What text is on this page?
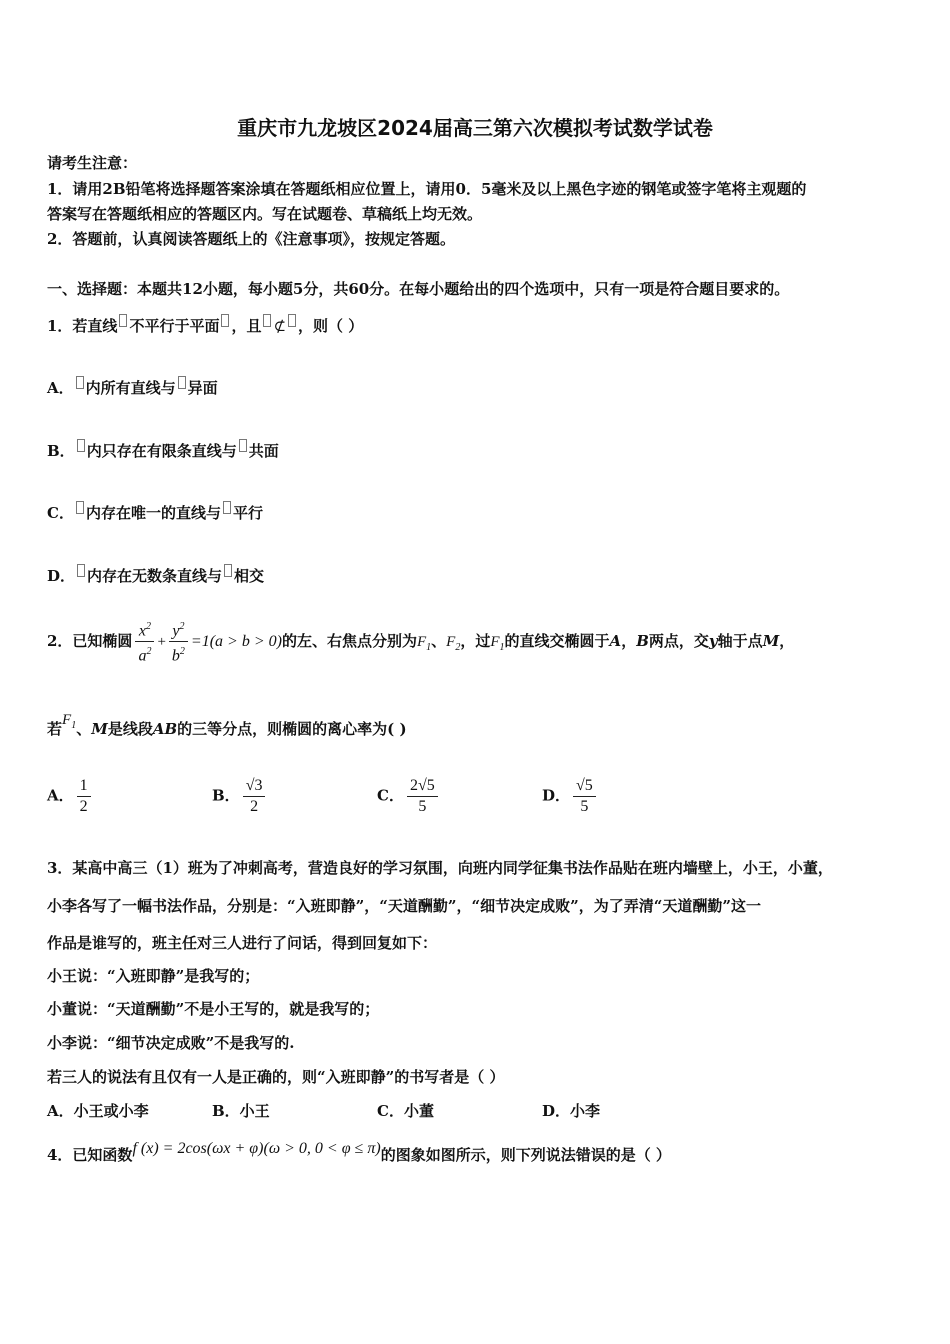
重庆市九龙坡区2024届高三第六次模拟考试数学试卷
请考生注意：
1．请用2B铅笔将选择题答案涂填在答题纸相应位置上，请用0．5毫米及以上黑色字迹的钢笔或签字笔将主观题的
答案写在答题纸相应的答题区内。写在试题卷、草稿纸上均无效。
2．答题前，认真阅读答题纸上的《注意事项》，按规定答题。
一、选择题：本题共12小题，每小题5分，共60分。在每小题给出的四个选项中，只有一项是符合题目要求的。
1．若直线 不平行于平面 ，且 ⊄ ，则（ ）
A． 内所有直线与 异面
B． 内只存在有限条直线与 共面
C． 内存在唯一的直线与 平行
D． 内存在无数条直线与 相交
2．已知椭圆 $\frac{x^2}{a^2} + \frac{y^2}{b^2} =1(a > b > 0)$的左、右焦点分别为$F_1$、$F_2$，过$F_1$的直线交椭圆于A，B两点，交y轴于点M，
若$F_1$、M是线段AB的三等分点，则椭圆的离心率为( )
A． $\frac{1}{2}$	B． $\frac{√3}{2}$	C． $\frac{2√5}{5}$	D． $\frac{√5}{5}$
3．某高中高三（1）班为了冲刺高考，营造良好的学习氛围，向班内同学征集书法作品贴在班内墙壁上，小王，小董，
小李各写了一幅书法作品，分别是：“入班即静”，“天道酬勤”，“细节决定成败”，为了弄清“天道酬勤”这一
作品是谁写的，班主任对三人进行了问话，得到回复如下：
小王说：“入班即静”是我写的；
小董说：“天道酬勤”不是小王写的，就是我写的；
小李说：“细节决定成败”不是我写的.
若三人的说法有且仅有一人是正确的，则“入班即静”的书写者是（ ）
A．小王或小李	B．小王	C．小董	D．小李
4．已知函数f (x) = 2cos(ωx + φ)(ω > 0, 0 < φ ≤ π)的图象如图所示，则下列说法错误的是（ ）
